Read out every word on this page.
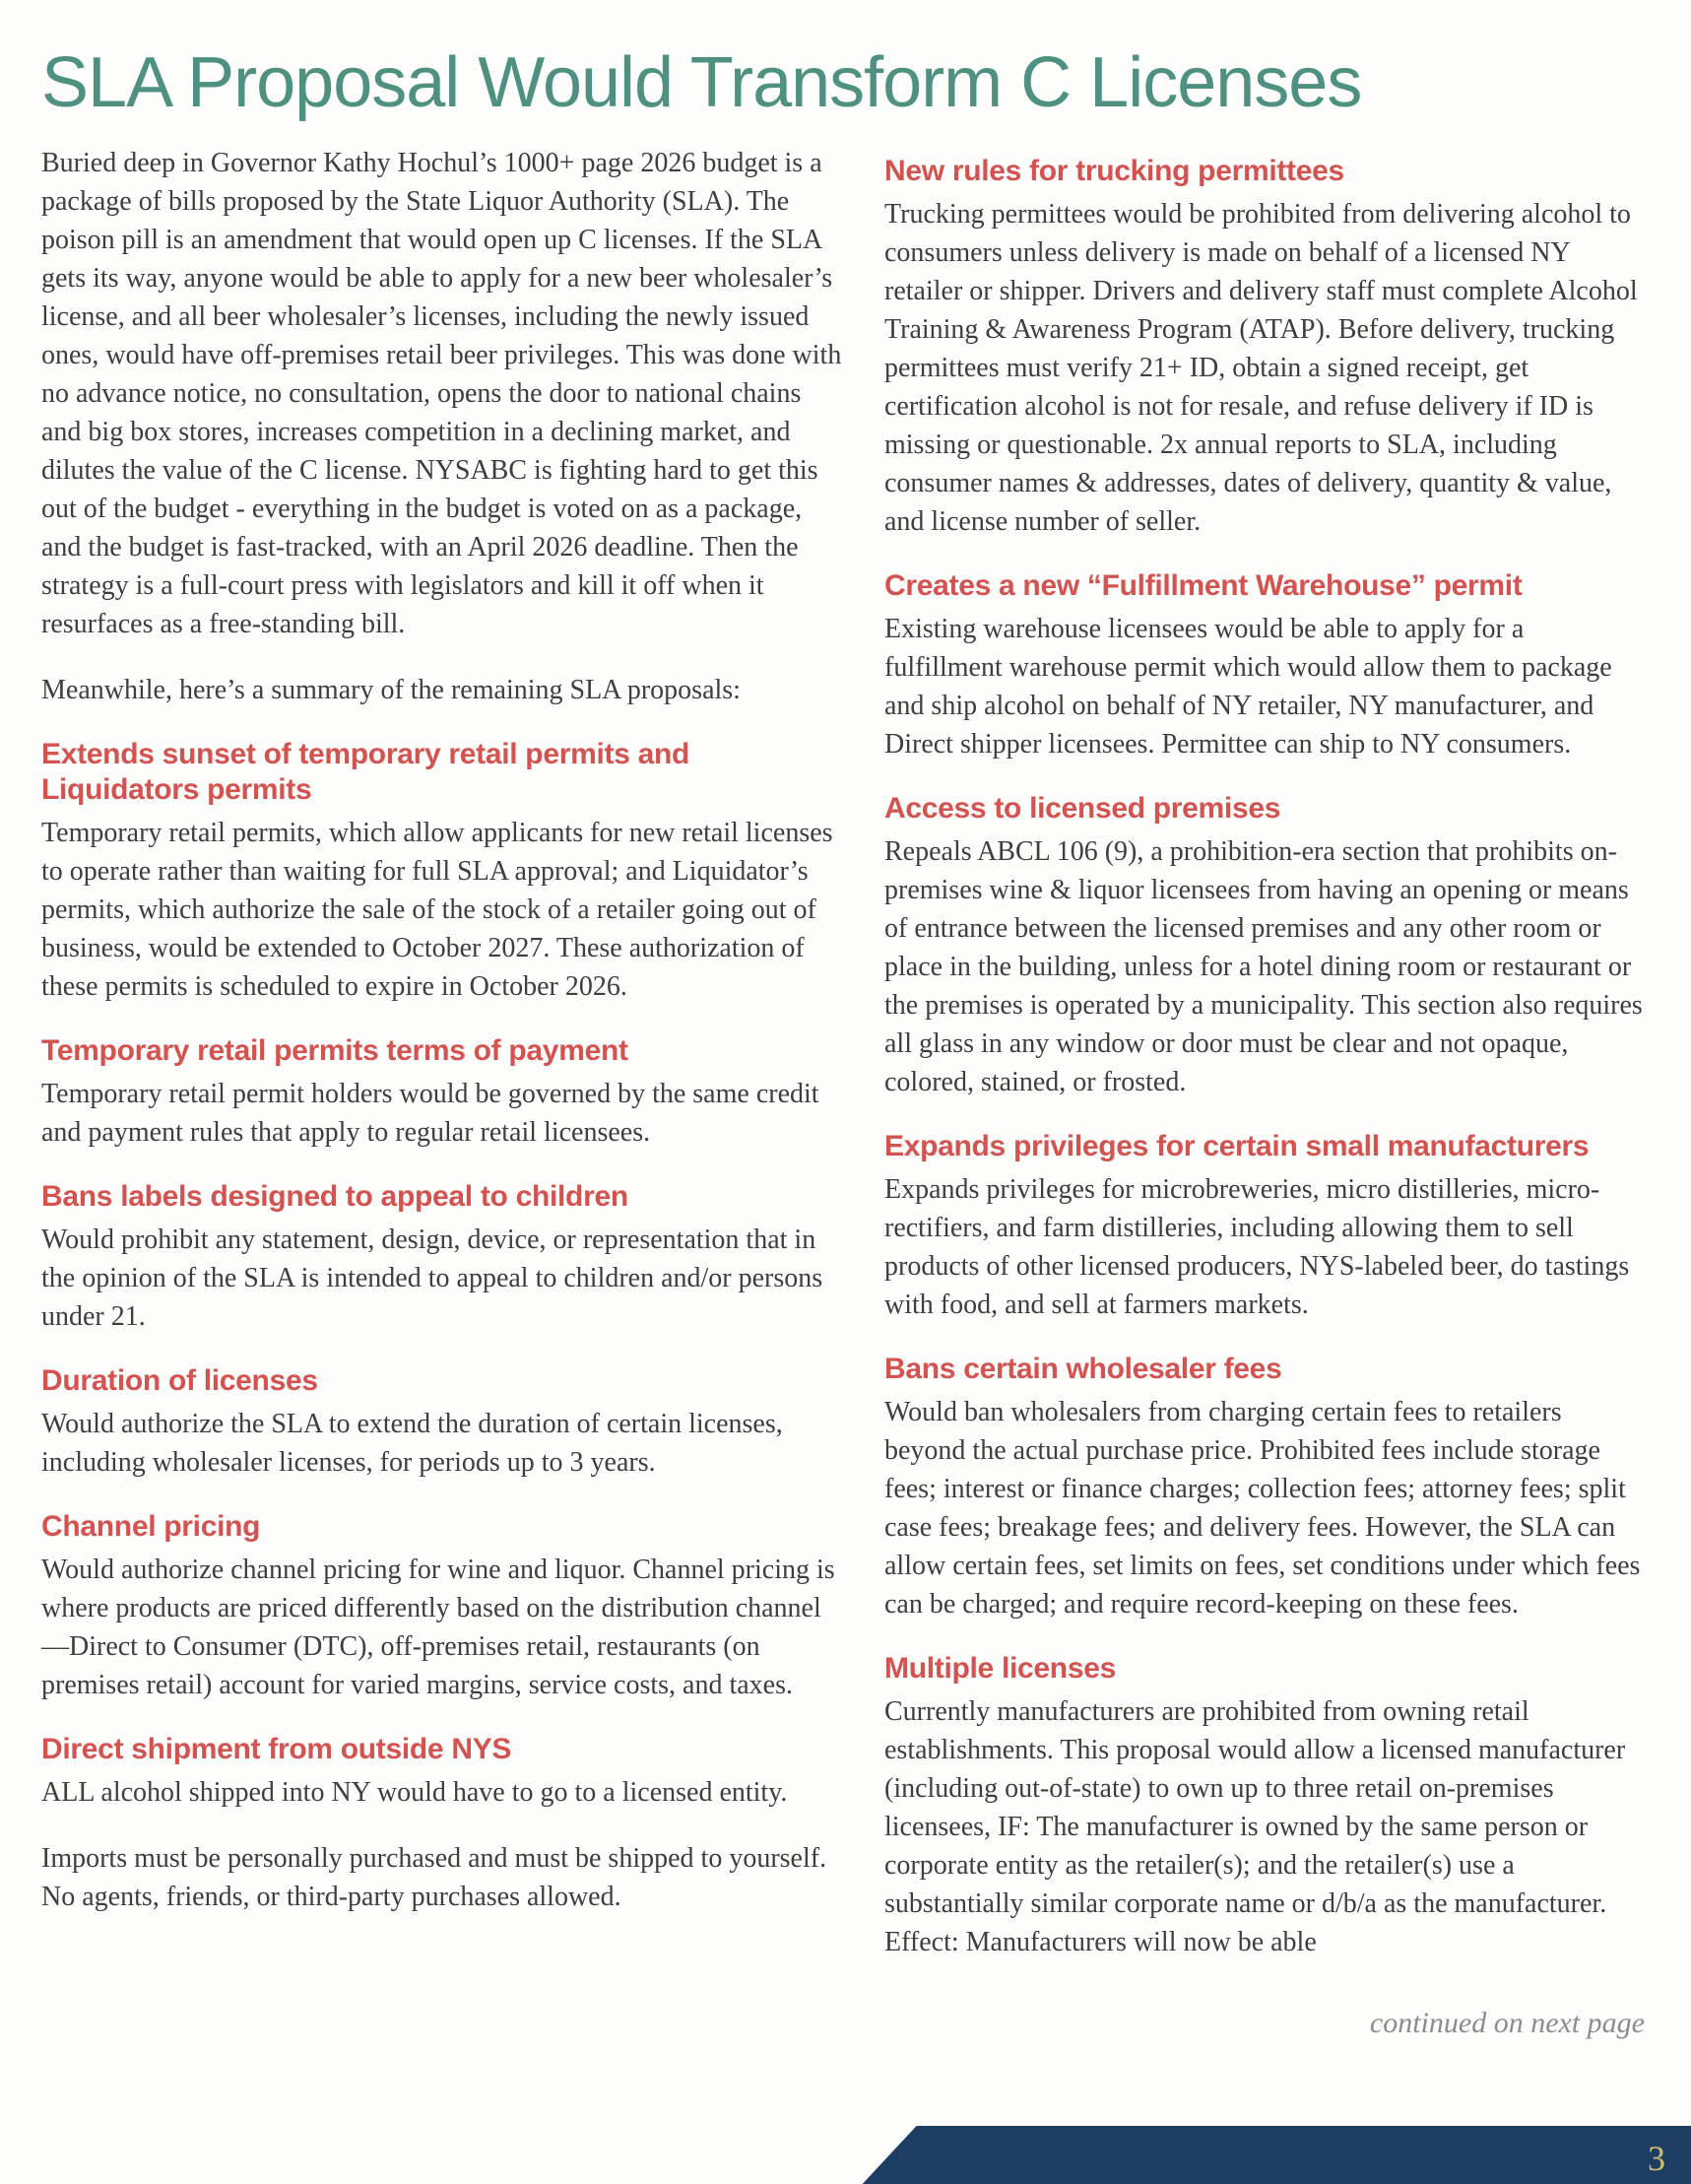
SLA Proposal Would Transform C Licenses

Buried deep in Governor Kathy Hochul’s 1000+ page 2026 budget is a package of bills proposed by the State Liquor Authority (SLA). The poison pill is an amendment that would open up C licenses. If the SLA gets its way, anyone would be able to apply for a new beer wholesaler’s license, and all beer wholesaler’s licenses, including the newly issued ones, would have off-premises retail beer privileges. This was done with no advance notice, no consultation, opens the door to national chains and big box stores, increases competition in a declining market, and dilutes the value of the C license. NYSABC is fighting hard to get this out of the budget - everything in the budget is voted on as a package, and the budget is fast-tracked, with an April 2026 deadline. Then the strategy is a full-court press with legislators and kill it off when it resurfaces as a free-standing bill.

Meanwhile, here’s a summary of the remaining SLA proposals:

Extends sunset of temporary retail permits and Liquidators permits

Temporary retail permits, which allow applicants for new retail licenses to operate rather than waiting for full SLA approval; and Liquidator’s permits, which authorize the sale of the stock of a retailer going out of business, would be extended to October 2027. These authorization of these permits is scheduled to expire in October 2026.

Temporary retail permits terms of payment

Temporary retail permit holders would be governed by the same credit and payment rules that apply to regular retail licensees.

Bans labels designed to appeal to children

Would prohibit any statement, design, device, or representation that in the opinion of the SLA is intended to appeal to children and/or persons under 21.

Duration of licenses

Would authorize the SLA to extend the duration of certain licenses, including wholesaler licenses, for periods up to 3 years.

Channel pricing

Would authorize channel pricing for wine and liquor. Channel pricing is where products are priced differently based on the distribution channel—Direct to Consumer (DTC), off-premises retail, restaurants (on premises retail) account for varied margins, service costs, and taxes.

Direct shipment from outside NYS

ALL alcohol shipped into NY would have to go to a licensed entity.

Imports must be personally purchased and must be shipped to yourself. No agents, friends, or third-party purchases allowed.

New rules for trucking permittees

Trucking permittees would be prohibited from delivering alcohol to consumers unless delivery is made on behalf of a licensed NY retailer or shipper. Drivers and delivery staff must complete Alcohol Training & Awareness Program (ATAP). Before delivery, trucking permittees must verify 21+ ID, obtain a signed receipt, get certification alcohol is not for resale, and refuse delivery if ID is missing or questionable. 2x annual reports to SLA, including consumer names & addresses, dates of delivery, quantity & value, and license number of seller.

Creates a new “Fulfillment Warehouse” permit

Existing warehouse licensees would be able to apply for a fulfillment warehouse permit which would allow them to package and ship alcohol on behalf of NY retailer, NY manufacturer, and Direct shipper licensees. Permittee can ship to NY consumers.

Access to licensed premises

Repeals ABCL 106 (9), a prohibition-era section that prohibits on-premises wine & liquor licensees from having an opening or means of entrance between the licensed premises and any other room or place in the building, unless for a hotel dining room or restaurant or the premises is operated by a municipality. This section also requires all glass in any window or door must be clear and not opaque, colored, stained, or frosted.

Expands privileges for certain small manufacturers

Expands privileges for microbreweries, micro distilleries, micro-rectifiers, and farm distilleries, including allowing them to sell products of other licensed producers, NYS-labeled beer, do tastings with food, and sell at farmers markets.

Bans certain wholesaler fees

Would ban wholesalers from charging certain fees to retailers beyond the actual purchase price. Prohibited fees include storage fees; interest or finance charges; collection fees; attorney fees; split case fees; breakage fees; and delivery fees. However, the SLA can allow certain fees, set limits on fees, set conditions under which fees can be charged; and require record-keeping on these fees.

Multiple licenses

Currently manufacturers are prohibited from owning retail establishments. This proposal would allow a licensed manufacturer (including out-of-state) to own up to three retail on-premises licensees, IF: The manufacturer is owned by the same person or corporate entity as the retailer(s); and the retailer(s) use a substantially similar corporate name or d/b/a as the manufacturer. Effect: Manufacturers will now be able

continued on next page
3
